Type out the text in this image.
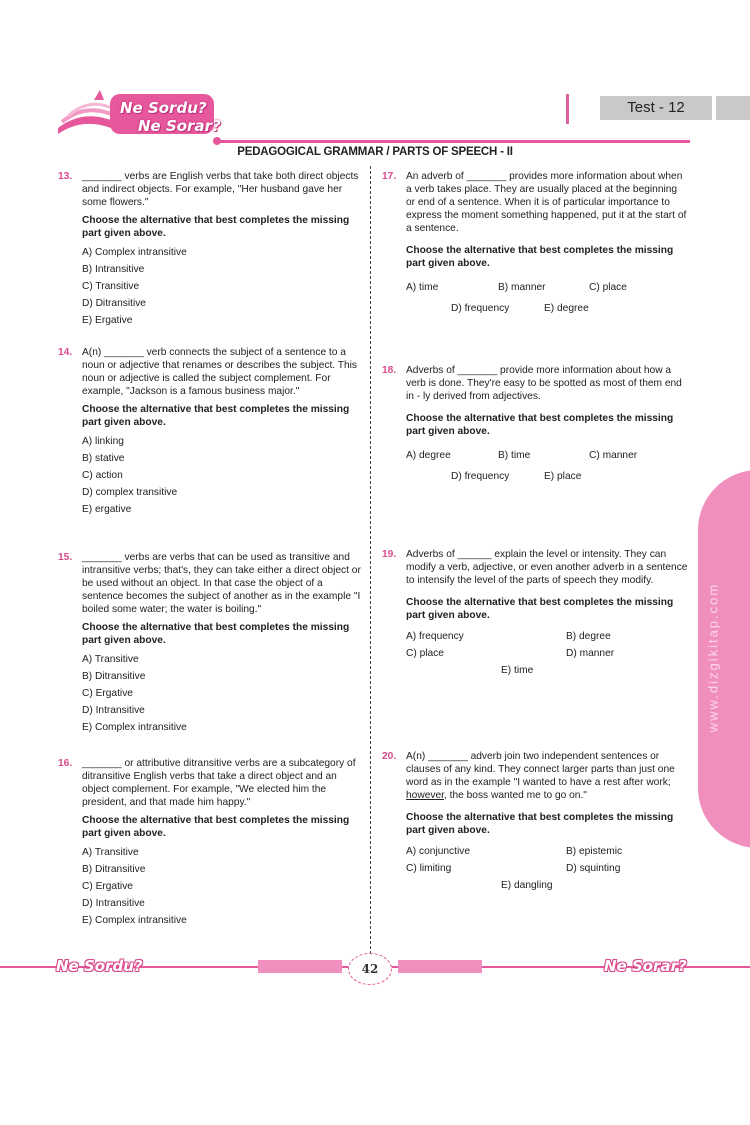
Ne Sordu?
Ne Sorar?
Test - 12
PEDAGOGICAL GRAMMAR / PARTS OF SPEECH - II
13. _______ verbs are English verbs that take both direct objects and indirect objects. For example, "Her husband gave her some flowers."
Choose the alternative that best completes the missing part given above.
A) Complex intransitive
B) Intransitive
C) Transitive
D) Ditransitive
E) Ergative
14. A(n) _______ verb connects the subject of a sentence to a noun or adjective that renames or describes the subject. This noun or adjective is called the subject complement. For example, "Jackson is a famous business major."
Choose the alternative that best completes the missing part given above.
A) linking
B) stative
C) action
D) complex transitive
E) ergative
15. _______ verbs are verbs that can be used as transitive and intransitive verbs; that's, they can take either a direct object or be used without an object. In that case the object of a sentence becomes the subject of another as in the example "I boiled some water; the water is boiling."
Choose the alternative that best completes the missing part given above.
A) Transitive
B) Ditransitive
C) Ergative
D) Intransitive
E) Complex intransitive
16. _______ or attributive ditransitive verbs are a subcategory of ditransitive English verbs that take a direct object and an object complement. For example, "We elected him the president, and that made him happy."
Choose the alternative that best completes the missing part given above.
A) Transitive
B) Ditransitive
C) Ergative
D) Intransitive
E) Complex intransitive
17. An adverb of _______ provides more information about when a verb takes place. They are usually placed at the beginning or end of a sentence. When it is of particular importance to express the moment something happened, put it at the start of a sentence.
Choose the alternative that best completes the missing part given above.
A) time	B) manner	C) place
D) frequency	E) degree
18. Adverbs of _______ provide more information about how a verb is done. They're easy to be spotted as most of them end in - ly derived from adjectives.
Choose the alternative that best completes the missing part given above.
A) degree	B) time	C) manner
D) frequency	E) place
19. Adverbs of ______ explain the level or intensity. They can modify a verb, adjective, or even another adverb in a sentence to intensify the level of the parts of speech they modify.
Choose the alternative that best completes the missing part given above.
A) frequency	B) degree
C) place	D) manner
E) time
20. A(n) _______ adverb join two independent sentences or clauses of any kind. They connect larger parts than just one word as in the example "I wanted to have a rest after work; however, the boss wanted me to go on."
Choose the alternative that best completes the missing part given above.
A) conjunctive	B) epistemic
C) limiting	D) squinting
E) dangling
www.dizgikitap.com
Ne Sordu?	Ne Sorar?
42
